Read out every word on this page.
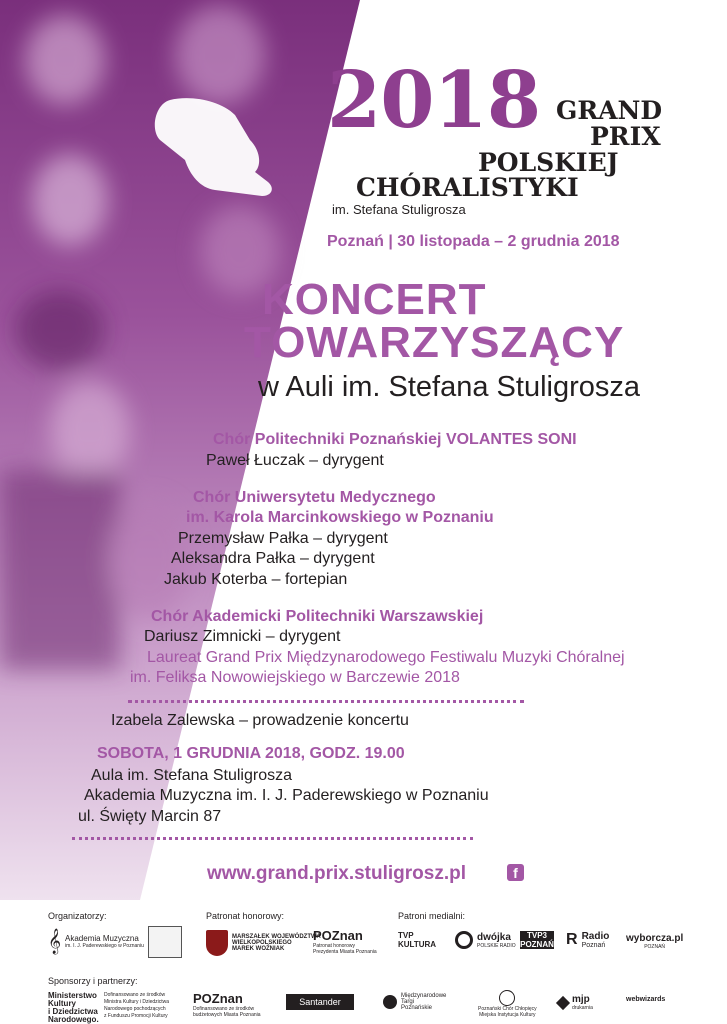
2018 GRAND
PRIX
POLSKIEJ
CHÓRALISTYKI
im. Stefana Stuligrosza
Poznań | 30 listopada – 2 grudnia 2018
KONCERT
TOWARZYSZĄCY
w Auli im. Stefana Stuligrosza
Chór Politechniki Poznańskiej VOLANTES SONI
Paweł Łuczak – dyrygent
Chór Uniwersytetu Medycznego
im. Karola Marcinkowskiego w Poznaniu
Przemysław Pałka – dyrygent
Aleksandra Pałka – dyrygent
Jakub Koterba – fortepian
Chór Akademicki Politechniki Warszawskiej
Dariusz Zimnicki – dyrygent
Laureat Grand Prix Międzynarodowego Festiwalu Muzyki Chóralnej
im. Feliksa Nowowiejskiego w Barczewie 2018
Izabela Zalewska – prowadzenie koncertu
SOBOTA, 1 GRUDNIA 2018, GODZ. 19.00
Aula im. Stefana Stuligrosza
Akademia Muzyczna im. I. J. Paderewskiego w Poznaniu
ul. Święty Marcin 87
www.grand.prix.stuligrosz.pl	f
Organizatorzy:	Patronat honorowy:	Patroni medialni:
Sponsorzy i partnerzy:
𝄞 Akademia Muzyczna
im. I. J. Paderewskiego w Poznaniu
MARSZAŁEK WOJEWÓDZTWA
WIELKOPOLSKIEGO
MAREK WOŹNIAK
POZnan
Patronat honorowy
Prezydenta Miasta Poznania
TVP KULTURA
dwójka
POLSKIE RADIO
TVP3 POZNAŃ R Radio
Poznań
wyborcza.pl
POZNAŃ
Ministerstwo
Kultury
i Dziedzictwa
Narodowego.
Dofinansowano ze środków
Ministra Kultury i Dziedzictwa
Narodowego pochodzących
z Funduszu Promocji Kultury
POZnan
Dofinansowano ze środków
budżetowych Miasta Poznania
Santander
Międzynarodowe
Targi
Poznańskie	Poznański Chór Chłopięcy
Miejska Instytucja Kultury
mjp
drukarnia
webwizards
